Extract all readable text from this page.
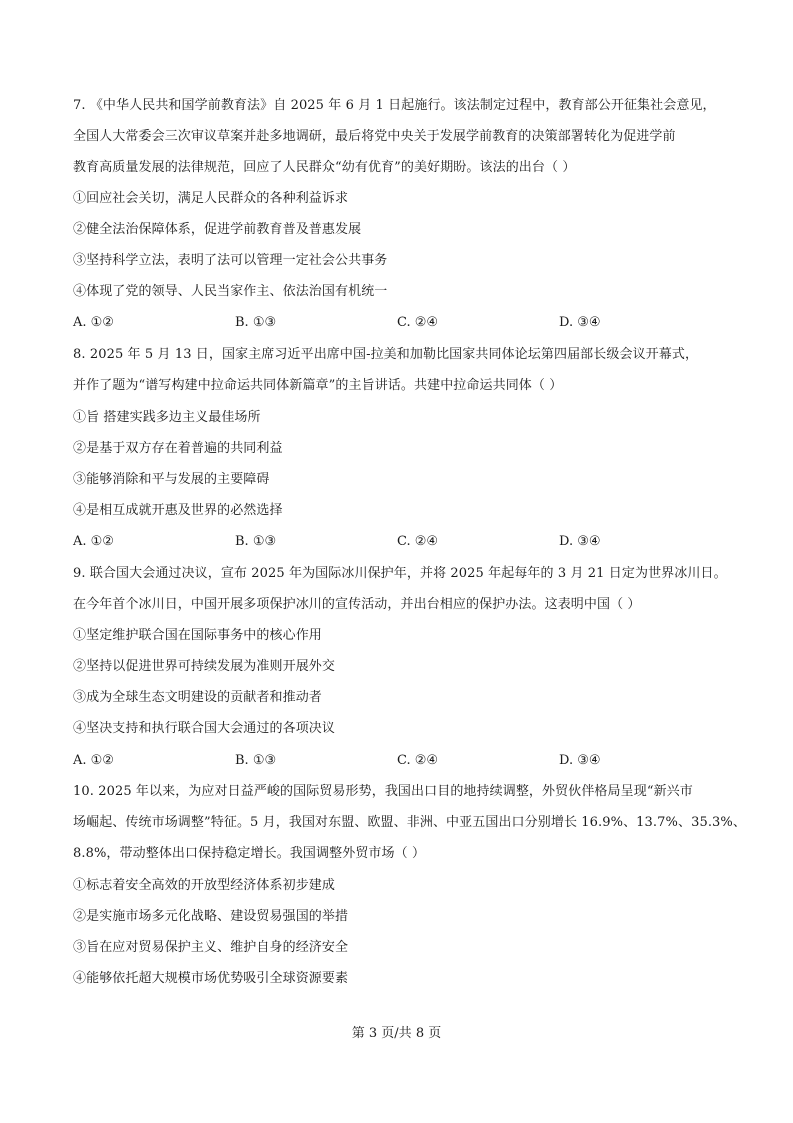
7. 《中华人民共和国学前教育法》自 2025 年 6 月 1 日起施行。该法制定过程中，教育部公开征集社会意见，
全国人大常委会三次审议草案并赴多地调研，最后将党中央关于发展学前教育的决策部署转化为促进学前
教育高质量发展的法律规范，回应了人民群众“幼有优育”的美好期盼。该法的出台（ ）
①回应社会关切，满足人民群众的各种利益诉求
②健全法治保障体系，促进学前教育普及普惠发展
③坚持科学立法，表明了法可以管理一定社会公共事务
④体现了党的领导、人民当家作主、依法治国有机统一
A. ①②	B. ①③	C. ②④	D. ③④
8. 2025 年 5 月 13 日，国家主席习近平出席中国-拉美和加勒比国家共同体论坛第四届部长级会议开幕式，
并作了题为“谱写构建中拉命运共同体新篇章”的主旨讲话。共建中拉命运共同体（ ）
①旨 搭建实践多边主义最佳场所
②是基于双方存在着普遍的共同利益
③能够消除和平与发展的主要障碍
④是相互成就开惠及世界的必然选择
A. ①②	B. ①③	C. ②④	D. ③④
9. 联合国大会通过决议，宣布 2025 年为国际冰川保护年，并将 2025 年起每年的 3 月 21 日定为世界冰川日。
在今年首个冰川日，中国开展多项保护冰川的宣传活动，并出台相应的保护办法。这表明中国（ ）
①坚定维护联合国在国际事务中的核心作用
②坚持以促进世界可持续发展为准则开展外交
③成为全球生态文明建设的贡献者和推动者
④坚决支持和执行联合国大会通过的各项决议
A. ①②	B. ①③	C. ②④	D. ③④
10. 2025 年以来，为应对日益严峻的国际贸易形势，我国出口目的地持续调整，外贸伙伴格局呈现“新兴市
场崛起、传统市场调整”特征。5 月，我国对东盟、欧盟、非洲、中亚五国出口分别增长 16.9%、13.7%、35.3%、
8.8%，带动整体出口保持稳定增长。我国调整外贸市场（ ）
①标志着安全高效的开放型经济体系初步建成
②是实施市场多元化战略、建设贸易强国的举措
③旨在应对贸易保护主义、维护自身的经济安全
④能够依托超大规模市场优势吸引全球资源要素
第 3 页/共 8 页
